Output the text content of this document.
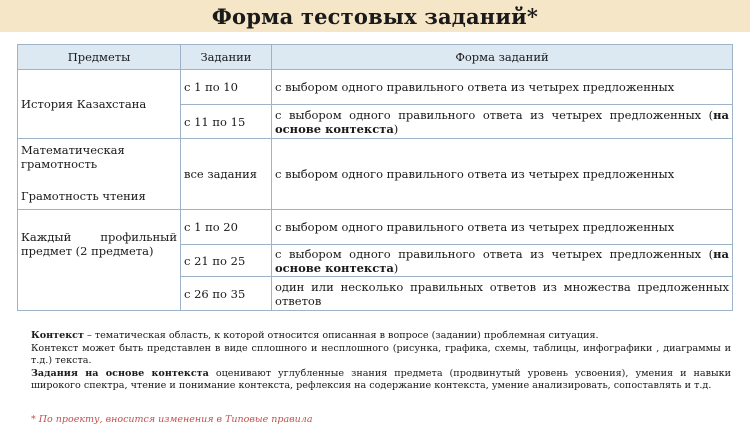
Форма тестовых заданий*
Предметы	Задании	Форма заданий
История Казахстана	с 1 по 10	с выбором одного правильного ответа из четырех предложенных
	с 11 по 15	с выбором одного правильного ответа из четырех предложенных (на основе контекста)

Математическая
грамотность
Грамотность чтения	все задания	с выбором одного правильного ответа из четырех предложенных

Каждый профильный
предмет (2 предмета)	с 1 по 20	с выбором одного правильного ответа из четырех предложенных
	с 21 по 25	с выбором одного правильного ответа из четырех предложенных (на основе контекста)
	с 26 по 35	один или несколько правильных ответов из множества предложенных ответов
Контекст – тематическая область, к которой относится описанная в вопросе (задании) проблемная ситуация.
Контекст может быть представлен в виде сплошного и несплошного (рисунка, графика, схемы, таблицы, инфографики , диаграммы и т.д.) текста.
Задания на основе контекста оценивают углубленные знания предмета (продвинутый уровень усвоения), умения и навыки широкого спектра, чтение и понимание контекста, рефлексия на содержание контекста, умение анализировать, сопоставлять и т.д.
* По проекту, вносится изменения в Типовые правила
